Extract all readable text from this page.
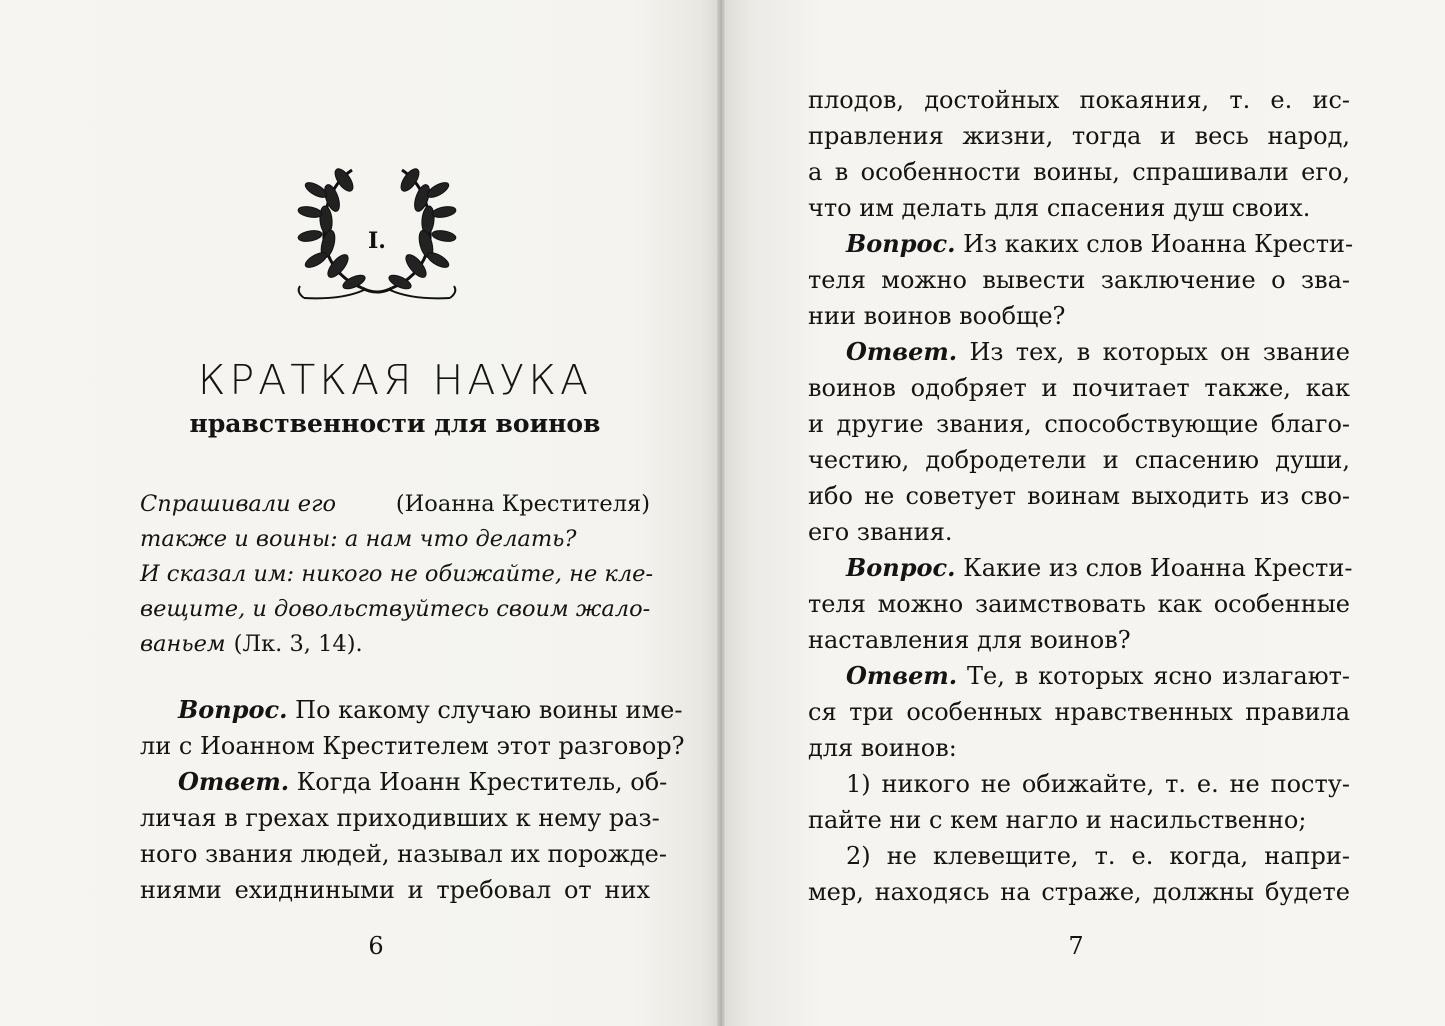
I.
КРАТКАЯ НАУКА
нравственности для воинов
Спрашивали его	(Иоанна Крестителя)
также и воины: а нам что делать?
И сказал им: никого не обижайте, не кле-
вещите, и довольствуйтесь своим жало-
ваньем (Лк. 3, 14).
Вопрос. По какому случаю воины име-
ли с Иоанном Крестителем этот разговор?
Ответ. Когда Иоанн Креститель, об-
личая в грехах приходивших к нему раз-
ного звания людей, называл их порожде-
ниями ехидниными и требовал от них
6
плодов, достойных покаяния, т. е. ис-
правления жизни, тогда и весь народ,
а в особенности воины, спрашивали его,
что им делать для спасения душ своих.
Вопрос. Из каких слов Иоанна Крести-
теля можно вывести заключение о зва-
нии воинов вообще?
Ответ. Из тех, в которых он звание
воинов одобряет и почитает также, как
и другие звания, способствующие благо-
честию, добродетели и спасению души,
ибо не советует воинам выходить из сво-
его звания.
Вопрос. Какие из слов Иоанна Крести-
теля можно заимствовать как особенные
наставления для воинов?
Ответ. Те, в которых ясно излагают-
ся три особенных нравственных правила
для воинов:
1) никого не обижайте, т. е. не посту-
пайте ни с кем нагло и насильственно;
2) не клевещите, т. е. когда, напри-
мер, находясь на страже, должны будете
7
